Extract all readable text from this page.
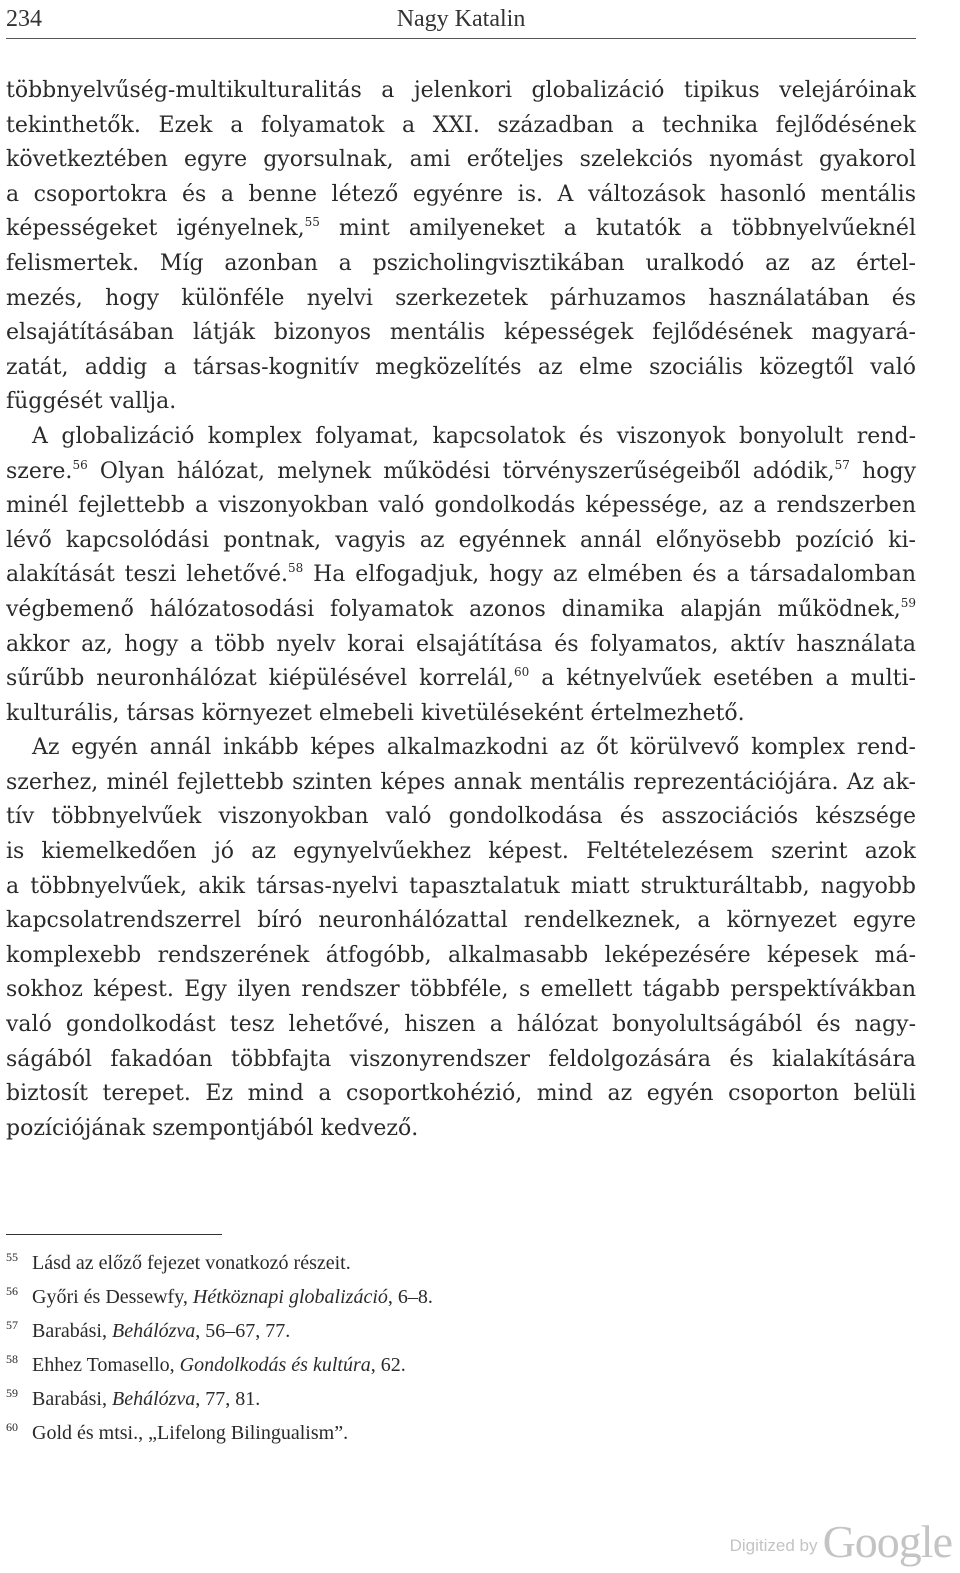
234	Nagy Katalin
többnyelvűség-multikulturalitás a jelenkori globalizáció tipikus velejáróinak
tekinthetők. Ezek a folyamatok a XXI. században a technika fejlődésének
következtében egyre gyorsulnak, ami erőteljes szelekciós nyomást gyakorol
a csoportokra és a benne létező egyénre is. A változások hasonló mentális
képességeket igényelnek,$^{55}$ mint amilyeneket a kutatók a többnyelvűeknél
felismertek. Míg azonban a pszicholingvisztikában uralkodó az az értel-
mezés, hogy különféle nyelvi szerkezetek párhuzamos használatában és
elsajátításában látják bizonyos mentális képességek fejlődésének magyará-
zatát, addig a társas-kognitív megközelítés az elme szociális közegtől való
függését vallja.
A globalizáció komplex folyamat, kapcsolatok és viszonyok bonyolult rend-
szere.$^{56}$ Olyan hálózat, melynek működési törvényszerűségeiből adódik,$^{57}$ hogy
minél fejlettebb a viszonyokban való gondolkodás képessége, az a rendszerben
lévő kapcsolódási pontnak, vagyis az egyénnek annál előnyösebb pozíció ki-
alakítását teszi lehetővé.$^{58}$ Ha elfogadjuk, hogy az elmében és a társadalomban
végbemenő hálózatosodási folyamatok azonos dinamika alapján működnek,$^{59}$
akkor az, hogy a több nyelv korai elsajátítása és folyamatos, aktív használata
sűrűbb neuronhálózat kiépülésével korrelál,$^{60}$ a kétnyelvűek esetében a multi-
kulturális, társas környezet elmebeli kivetüléseként értelmezhető.
Az egyén annál inkább képes alkalmazkodni az őt körülvevő komplex rend-
szerhez, minél fejlettebb szinten képes annak mentális reprezentációjára. Az ak-
tív többnyelvűek viszonyokban való gondolkodása és asszociációs készsége
is kiemelkedően jó az egynyelvűekhez képest. Feltételezésem szerint azok
a többnyelvűek, akik társas-nyelvi tapasztalatuk miatt strukturáltabb, nagyobb
kapcsolatrendszerrel bíró neuronhálózattal rendelkeznek, a környezet egyre
komplexebb rendszerének átfogóbb, alkalmasabb leképezésére képesek má-
sokhoz képest. Egy ilyen rendszer többféle, s emellett tágabb perspektívákban
való gondolkodást tesz lehetővé, hiszen a hálózat bonyolultságából és nagy-
ságából fakadóan többfajta viszonyrendszer feldolgozására és kialakítására
biztosít terepet. Ez mind a csoportkohézió, mind az egyén csoporton belüli
pozíciójának szempontjából kedvező.
55 Lásd az előző fejezet vonatkozó részeit.
56 Győri és Dessewfy, Hétköznapi globalizáció, 6–8.
57 Barabási, Behálózva, 56–67, 77.
58 Ehhez Tomasello, Gondolkodás és kultúra, 62.
59 Barabási, Behálózva, 77, 81.
60 Gold és mtsi., „Lifelong Bilingualism”.
Digitized by Google
